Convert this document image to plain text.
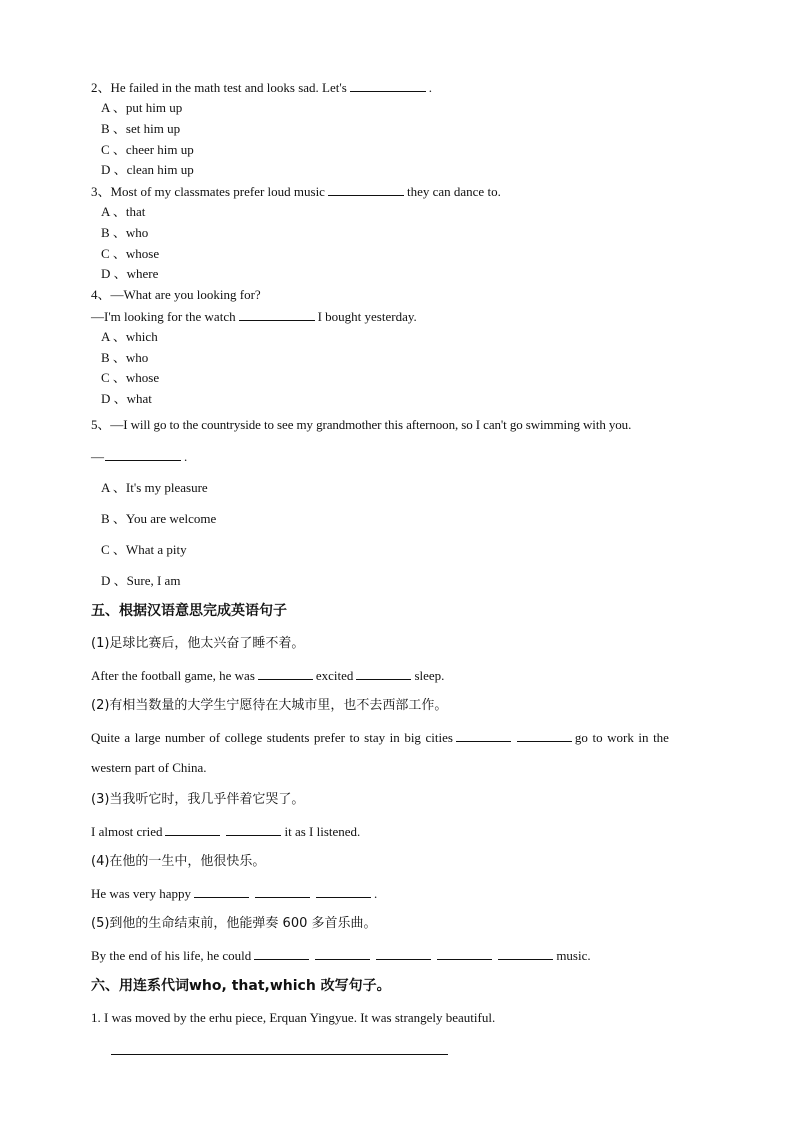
2、He failed in the math test and looks sad. Let's	.
A 、put him up
B 、set him up
C 、cheer him up
D 、clean him up
3、Most of my classmates prefer loud music	they can dance to.
A 、that
B 、who
C 、whose
D 、where
4、—What are you looking for?
—I'm looking for the watch	I bought yesterday.
A 、which
B 、who
C 、whose
D 、what
5、—I will go to the countryside to see my grandmother this afternoon, so I can't go swimming with you.
—	.
A 、It's my pleasure
B 、You are welcome
C 、What a pity
D 、Sure, I am
五、根据汉语意思完成英语句子
(1)足球比赛后，他太兴奋了睡不着。
After the football game, he was	excited	sleep.
(2)有相当数量的大学生宁愿待在大城市里，也不去西部工作。
Quite a large number of college students prefer to stay in big cities	go to work in the
western part of China.
(3)当我听它时，我几乎伴着它哭了。
I almost cried	it as I listened.
(4)在他的一生中，他很快乐。
He was very happy	.
(5)到他的生命结束前，他能弹奏 600 多首乐曲。
By the end of his life, he could	music.
六、用连系代词who, that,which 改写句子。
1. I was moved by the erhu piece, Erquan Yingyue. It was strangely beautiful.
